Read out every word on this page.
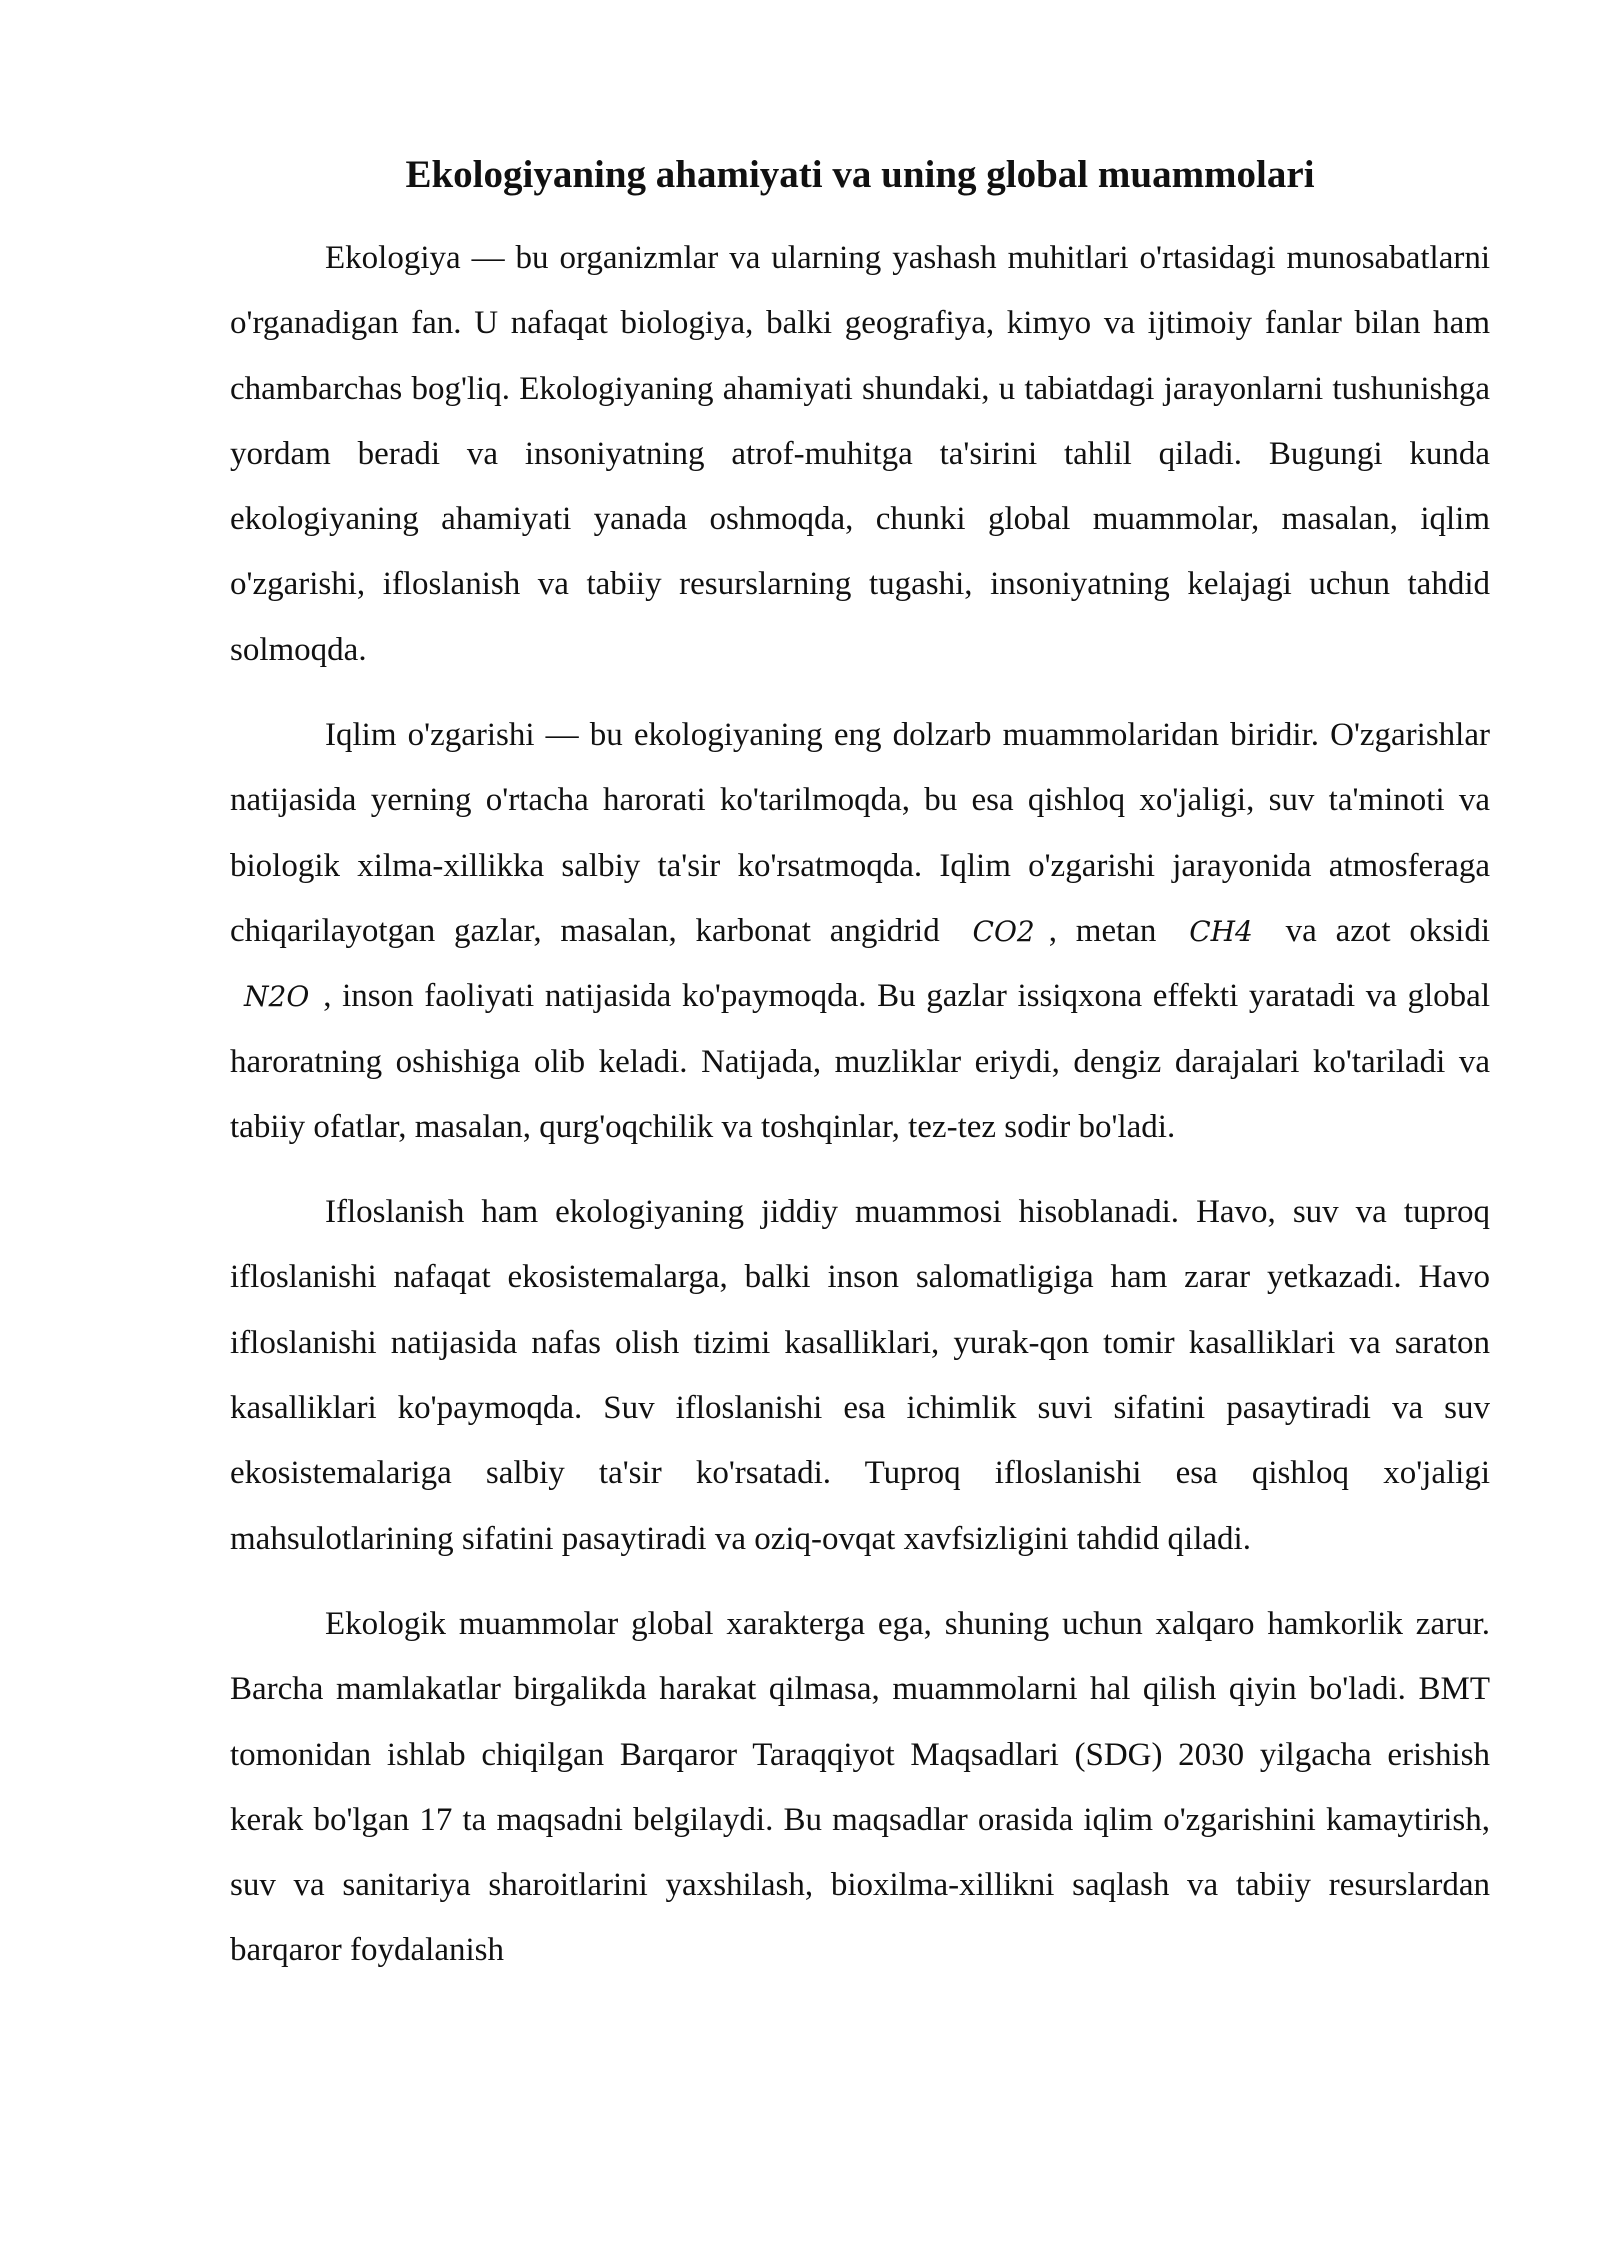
Ekologiyaning ahamiyati va uning global muammolari

Ekologiya — bu organizmlar va ularning yashash muhitlari o'rtasidagi munosabatlarni o'rganadigan fan. U nafaqat biologiya, balki geografiya, kimyo va ijtimoiy fanlar bilan ham chambarchas bog'liq. Ekologiyaning ahamiyati shundaki, u tabiatdagi jarayonlarni tushunishga yordam beradi va insoniyatning atrof-muhitga ta'sirini tahlil qiladi. Bugungi kunda ekologiyaning ahamiyati yanada oshmoqda, chunki global muammolar, masalan, iqlim o'zgarishi, ifloslanish va tabiiy resurslarning tugashi, insoniyatning kelajagi uchun tahdid solmoqda.

Iqlim o'zgarishi — bu ekologiyaning eng dolzarb muammolaridan biridir. O'zgarishlar natijasida yerning o'rtacha harorati ko'tarilmoqda, bu esa qishloq xo'jaligi, suv ta'minoti va biologik xilma-xillikka salbiy ta'sir ko'rsatmoqda. Iqlim o'zgarishi jarayonida atmosferaga chiqarilayotgan gazlar, masalan, karbonat angidrid CO2 , metan CH4 va azot oksidi N2O , inson faoliyati natijasida ko'paymoqda. Bu gazlar issiqxona effekti yaratadi va global haroratning oshishiga olib keladi. Natijada, muzliklar eriydi, dengiz darajalari ko'tariladi va tabiiy ofatlar, masalan, qurg'oqchilik va toshqinlar, tez-tez sodir bo'ladi.

Ifloslanish ham ekologiyaning jiddiy muammosi hisoblanadi. Havo, suv va tuproq ifloslanishi nafaqat ekosistemalarga, balki inson salomatligiga ham zarar yetkazadi. Havo ifloslanishi natijasida nafas olish tizimi kasalliklari, yurak-qon tomir kasalliklari va saraton kasalliklari ko'paymoqda. Suv ifloslanishi esa ichimlik suvi sifatini pasaytiradi va suv ekosistemalariga salbiy ta'sir ko'rsatadi. Tuproq ifloslanishi esa qishloq xo'jaligi mahsulotlarining sifatini pasaytiradi va oziq-ovqat xavfsizligini tahdid qiladi.

Ekologik muammolar global xarakterga ega, shuning uchun xalqaro hamkorlik zarur. Barcha mamlakatlar birgalikda harakat qilmasa, muammolarni hal qilish qiyin bo'ladi. BMT tomonidan ishlab chiqilgan Barqaror Taraqqiyot Maqsadlari (SDG) 2030 yilgacha erishish kerak bo'lgan 17 ta maqsadni belgilaydi. Bu maqsadlar orasida iqlim o'zgarishini kamaytirish, suv va sanitariya sharoitlarini yaxshilash, bioxilma-xillikni saqlash va tabiiy resurslardan barqaror foydalanish
